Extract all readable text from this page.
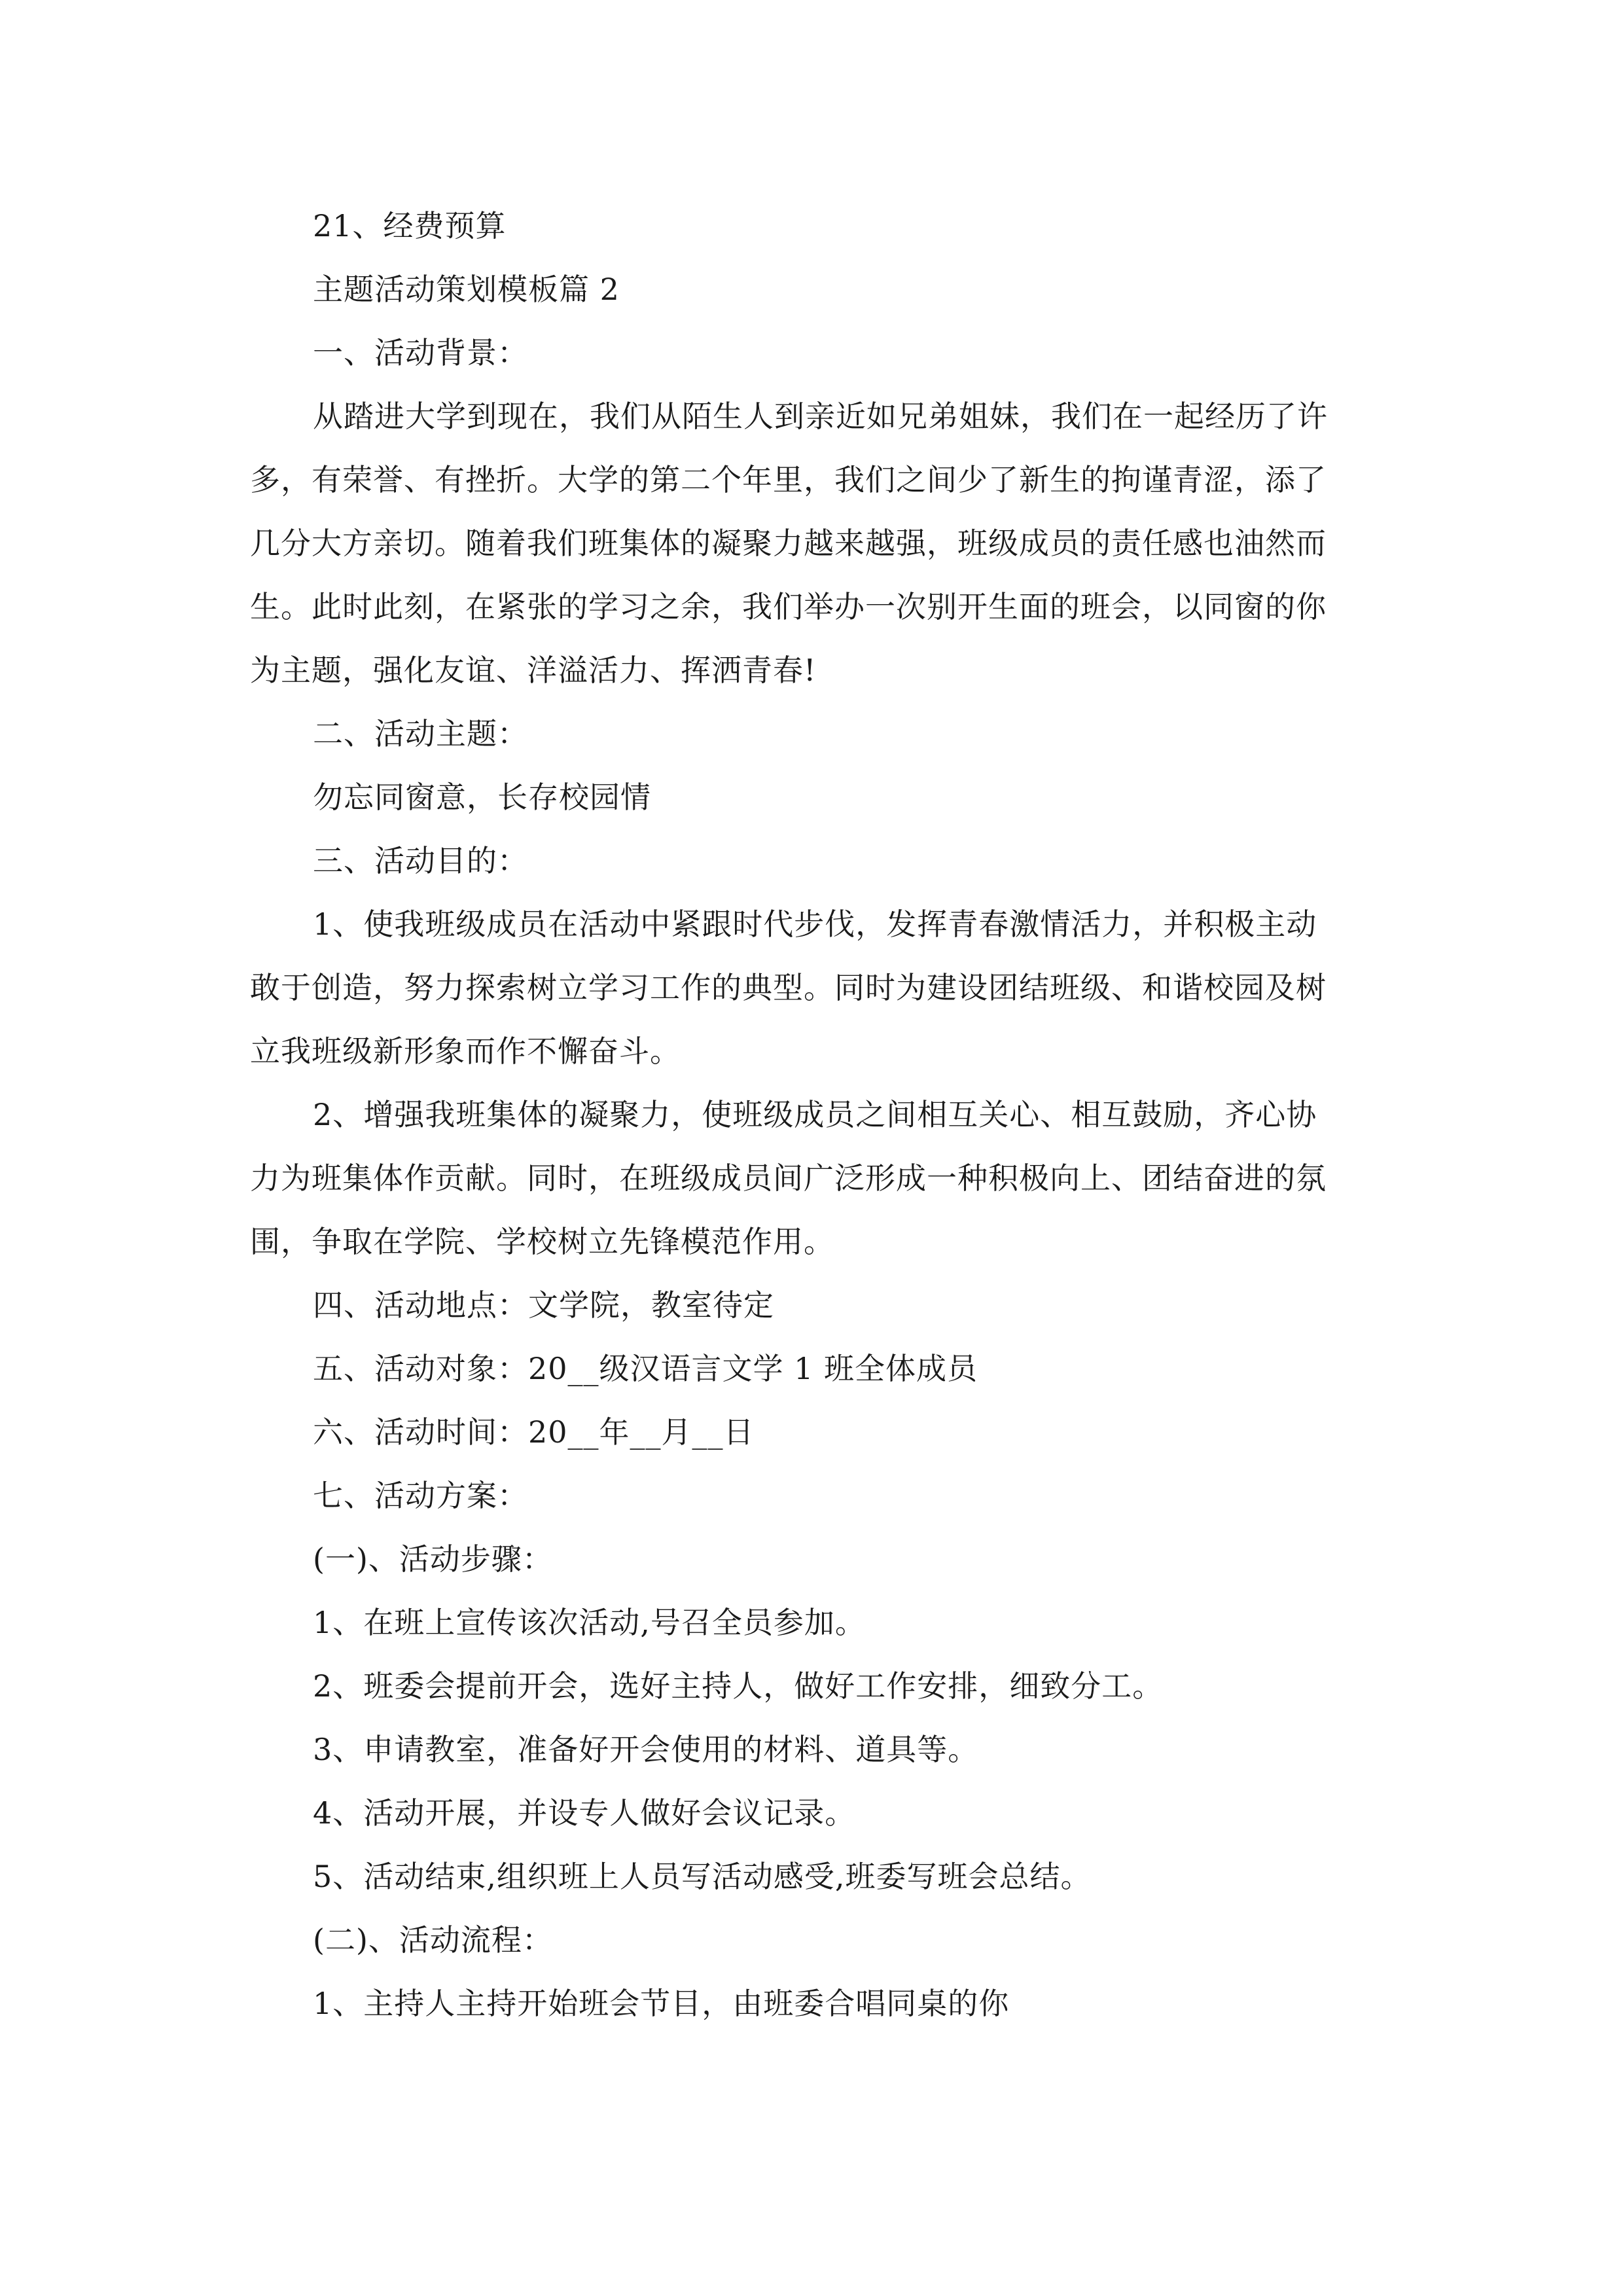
21、经费预算

主题活动策划模板篇 2

一、活动背景：

从踏进大学到现在，我们从陌生人到亲近如兄弟姐妹，我们在一起经历了许

多，有荣誉、有挫折。大学的第二个年里，我们之间少了新生的拘谨青涩，添了

几分大方亲切。随着我们班集体的凝聚力越来越强，班级成员的责任感也油然而

生。此时此刻，在紧张的学习之余，我们举办一次别开生面的班会，以同窗的你

为主题，强化友谊、洋溢活力、挥洒青春!

二、活动主题：

勿忘同窗意，长存校园情

三、活动目的：

1、使我班级成员在活动中紧跟时代步伐，发挥青春激情活力，并积极主动

敢于创造，努力探索树立学习工作的典型。同时为建设团结班级、和谐校园及树

立我班级新形象而作不懈奋斗。

2、增强我班集体的凝聚力，使班级成员之间相互关心、相互鼓励，齐心协

力为班集体作贡献。同时，在班级成员间广泛形成一种积极向上、团结奋进的氛

围，争取在学院、学校树立先锋模范作用。

四、活动地点：文学院，教室待定

五、活动对象：20__级汉语言文学 1 班全体成员

六、活动时间：20__年__月__日

七、活动方案：

(一)、活动步骤：

1、在班上宣传该次活动,号召全员参加。

2、班委会提前开会，选好主持人，做好工作安排，细致分工。

3、申请教室，准备好开会使用的材料、道具等。

4、活动开展，并设专人做好会议记录。

5、活动结束,组织班上人员写活动感受,班委写班会总结。

(二)、活动流程：

1、主持人主持开始班会节目，由班委合唱同桌的你
